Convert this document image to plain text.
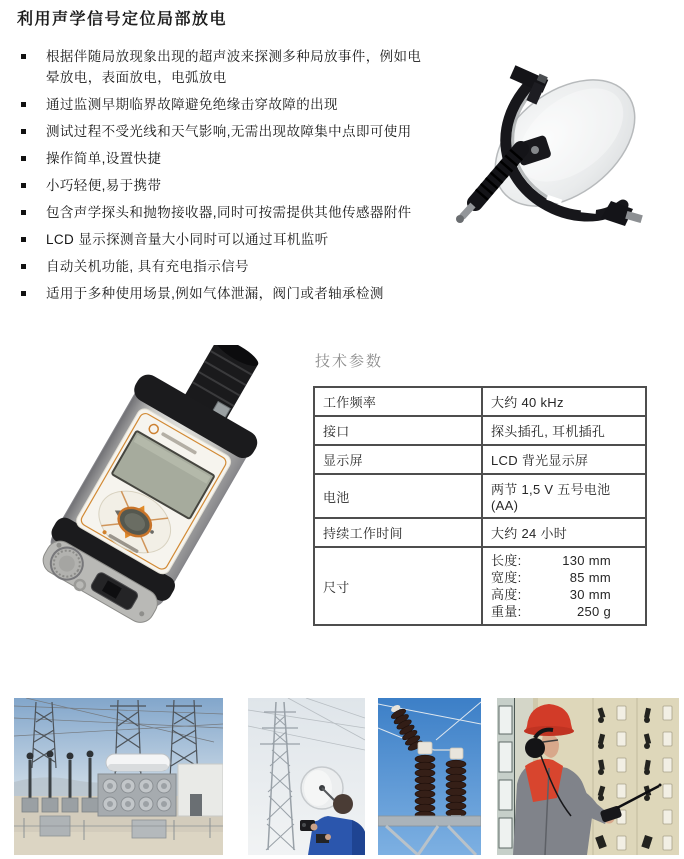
利用声学信号定位局部放电
根据伴随局放现象出现的超声波来探测多种局放事件，例如电晕放电，表面放电，电弧放电
通过监测早期临界故障避免绝缘击穿故障的出现
测试过程不受光线和天气影响,无需出现故障集中点即可使用
操作简单,设置快捷
小巧轻便,易于携带
包含声学探头和抛物接收器,同时可按需提供其他传感器附件
LCD 显示探测音量大小同时可以通过耳机监听
自动关机功能, 具有充电指示信号
适用于多种使用场景,例如气体泄漏，阀门或者轴承检测
技术参数
工作频率	大约 40 kHz
接口	探头插孔, 耳机插孔
显示屏	LCD 背光显示屏
电池	两节 1,5 V 五号电池(AA)
持续工作时间	大约 24 小时
尺寸	
长度:	130 mm
宽度:	85 mm
高度:	30 mm
重量:	250 g
